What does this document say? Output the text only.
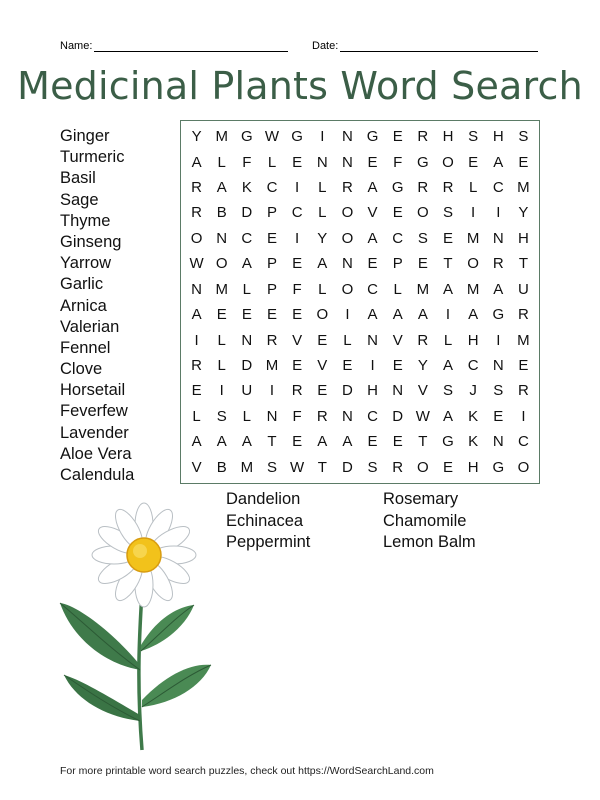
Name:	Date:
Medicinal Plants Word Search
Ginger
Turmeric
Basil
Sage
Thyme
Ginseng
Yarrow
Garlic
Arnica
Valerian
Fennel
Clove
Horsetail
Feverfew
Lavender
Aloe Vera
Calendula
Y M G W G	I	N G E R H S H S
A	L	F	L	E N N E	F G O E	A	E
R A	K C	I	L	R A G R R	L	C M
R B D P C	L	O V	E O S	I	I	Y
O N C E	I	Y O A C S	E M N H
W O A	P	E	A N E	P	E	T O R	T
N M L	P	F	L	O C	L M A M A U
A	E	E	E	E O	I	A	A	A	I	A G R
I	L	N R V	E	L	N V R	L	H	I	M
R	L	D M E	V	E	I	E	Y	A C N E
E	I	U	I	R E D H N V	S	J	S R
L	S	L	N	F	R N C D W A	K	E	I
A	A	A	T	E	A	A	E	E	T G K N C
V	B M S W T	D S R O E H G O
Dandelion
Echinacea
Peppermint
Rosemary
Chamomile
Lemon Balm
For more printable word search puzzles, check out https://WordSearchLand.com
